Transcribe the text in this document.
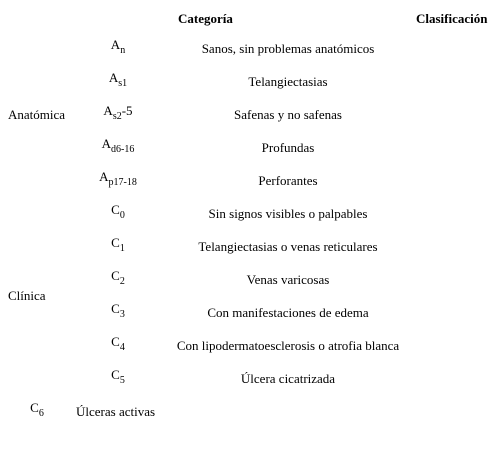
Categoría	Clasificación
Anatómica
Clínica
$A_n$	Sanos, sin problemas anatómicos
$A_{s1}$	Telangiectasias
$A_{s2}-5$	Safenas y no safenas
$A_{d6-16}$	Profundas
$A_{p17-18}$	Perforantes
$C_0$	Sin signos visibles o palpables
$C_1$	Telangiectasias o venas reticulares
$C_2$	Venas varicosas
$C_3$	Con manifestaciones de edema
$C_4$	Con lipodermatoesclerosis o atrofia blanca
$C_5$	Úlcera cicatrizada
$C_6$	Úlceras activas
